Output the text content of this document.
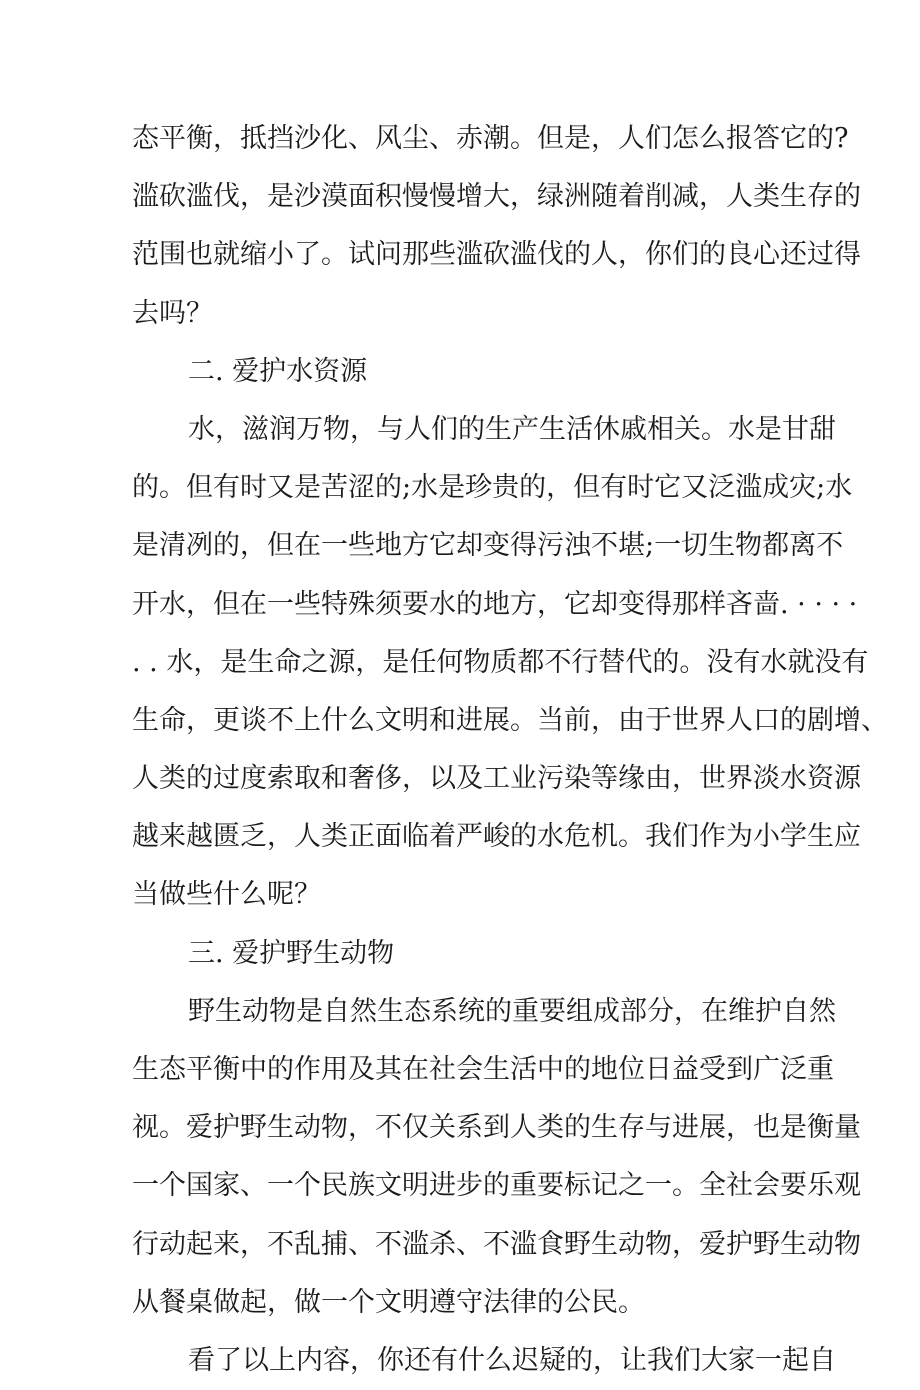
态平衡，抵挡沙化、风尘、赤潮。但是，人们怎么报答它的?
滥砍滥伐，是沙漠面积慢慢增大，绿洲随着削减，人类生存的
范围也就缩小了。试问那些滥砍滥伐的人，你们的良心还过得
去吗？
二. 爱护水资源
水，滋润万物，与人们的生产生活休戚相关。水是甘甜
的。但有时又是苦涩的;水是珍贵的，但有时它又泛滥成灾;水
是清冽的，但在一些地方它却变得污浊不堪;一切生物都离不
开水，但在一些特殊须要水的地方，它却变得那样吝啬. · · · ·
. . 水，是生命之源，是任何物质都不行替代的。没有水就没有
生命，更谈不上什么文明和进展。当前，由于世界人口的剧增、
人类的过度索取和奢侈，以及工业污染等缘由，世界淡水资源
越来越匮乏，人类正面临着严峻的水危机。我们作为小学生应
当做些什么呢？
三. 爱护野生动物
野生动物是自然生态系统的重要组成部分，在维护自然
生态平衡中的作用及其在社会生活中的地位日益受到广泛重
视。爱护野生动物，不仅关系到人类的生存与进展，也是衡量
一个国家、一个民族文明进步的重要标记之一。全社会要乐观
行动起来，不乱捕、不滥杀、不滥食野生动物，爱护野生动物
从餐桌做起，做一个文明遵守法律的公民。
看了以上内容，你还有什么迟疑的，让我们大家一起自
